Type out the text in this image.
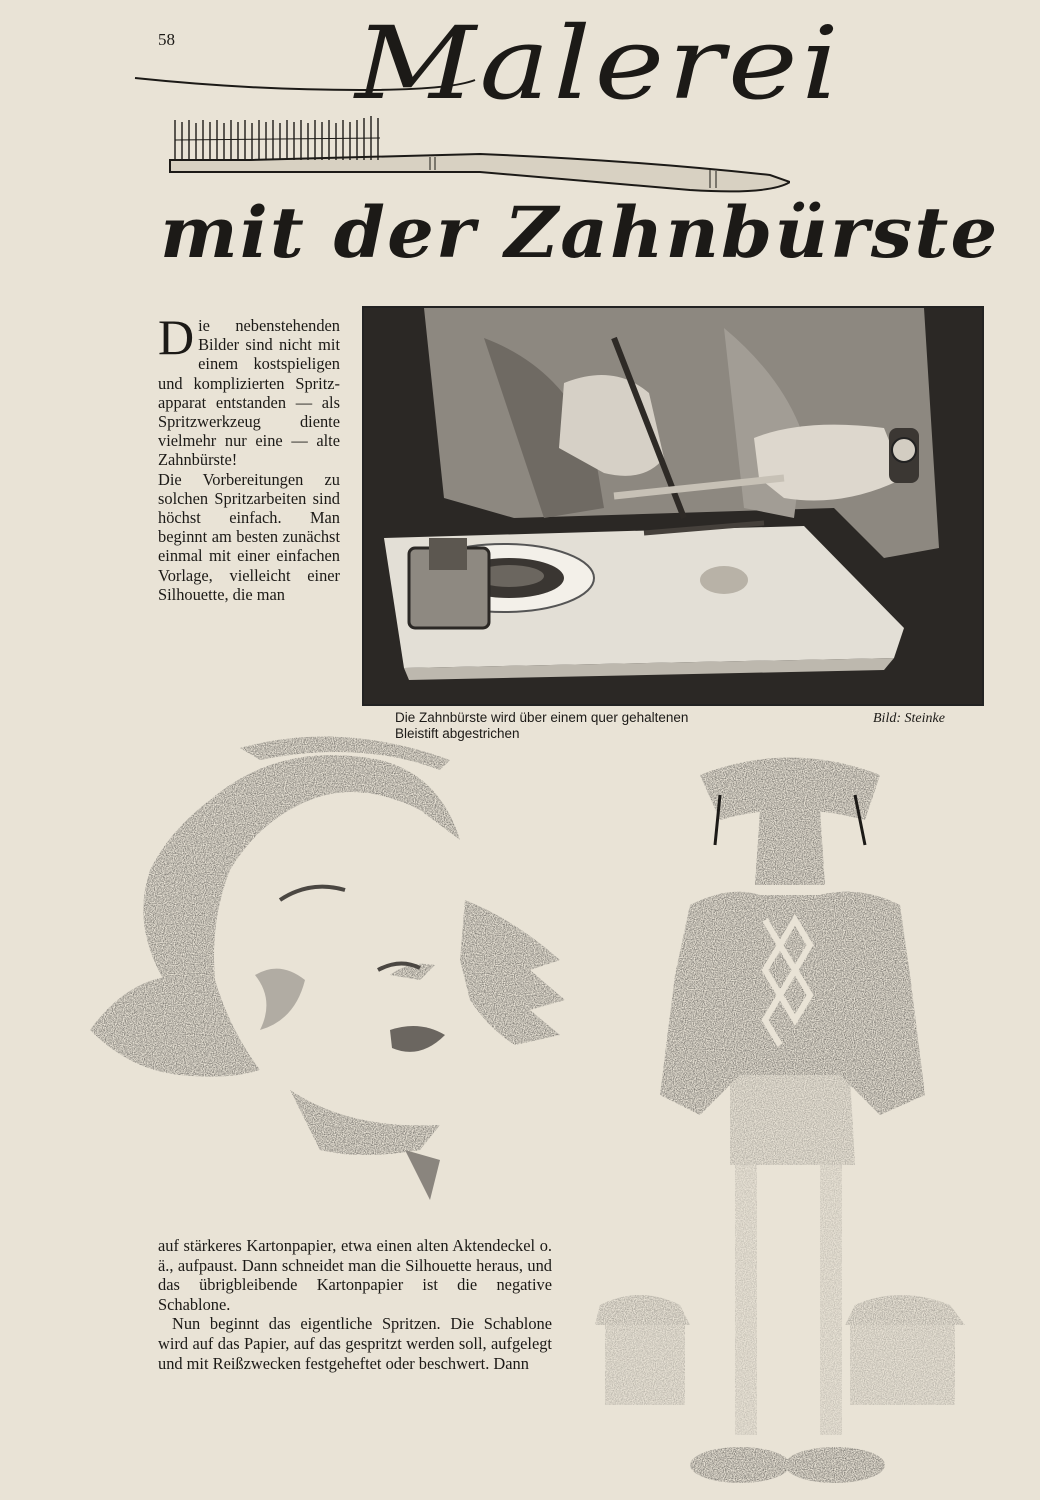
58 Malerei
mit der Zahnbürste

Die nebenstehenden Bilder sind nicht mit einem kostspieligen und komplizierten Spritzapparat entstanden — als Spritzwerkzeug diente vielmehr nur eine — alte Zahnbürste!

Die Vorbereitungen zu solchen Spritzarbeiten sind höchst einfach. Man beginnt am besten zunächst einmal mit einer einfachen Vorlage, vielleicht einer Silhouette, die man

Die Zahnbürste wird über einem quer gehaltenen Bleistift abgestrichen
Bild: Steinke

auf stärkeres Kartonpapier, etwa einen alten Aktendeckel o. ä., aufpaust. Dann schneidet man die Silhouette heraus, und das übrigbleibende Kartonpapier ist die negative Schablone.

Nun beginnt das eigentliche Spritzen. Die Schablone wird auf das Papier, auf das gespritzt werden soll, aufgelegt und mit Reißzwecken festgeheftet oder beschwert. Dann
